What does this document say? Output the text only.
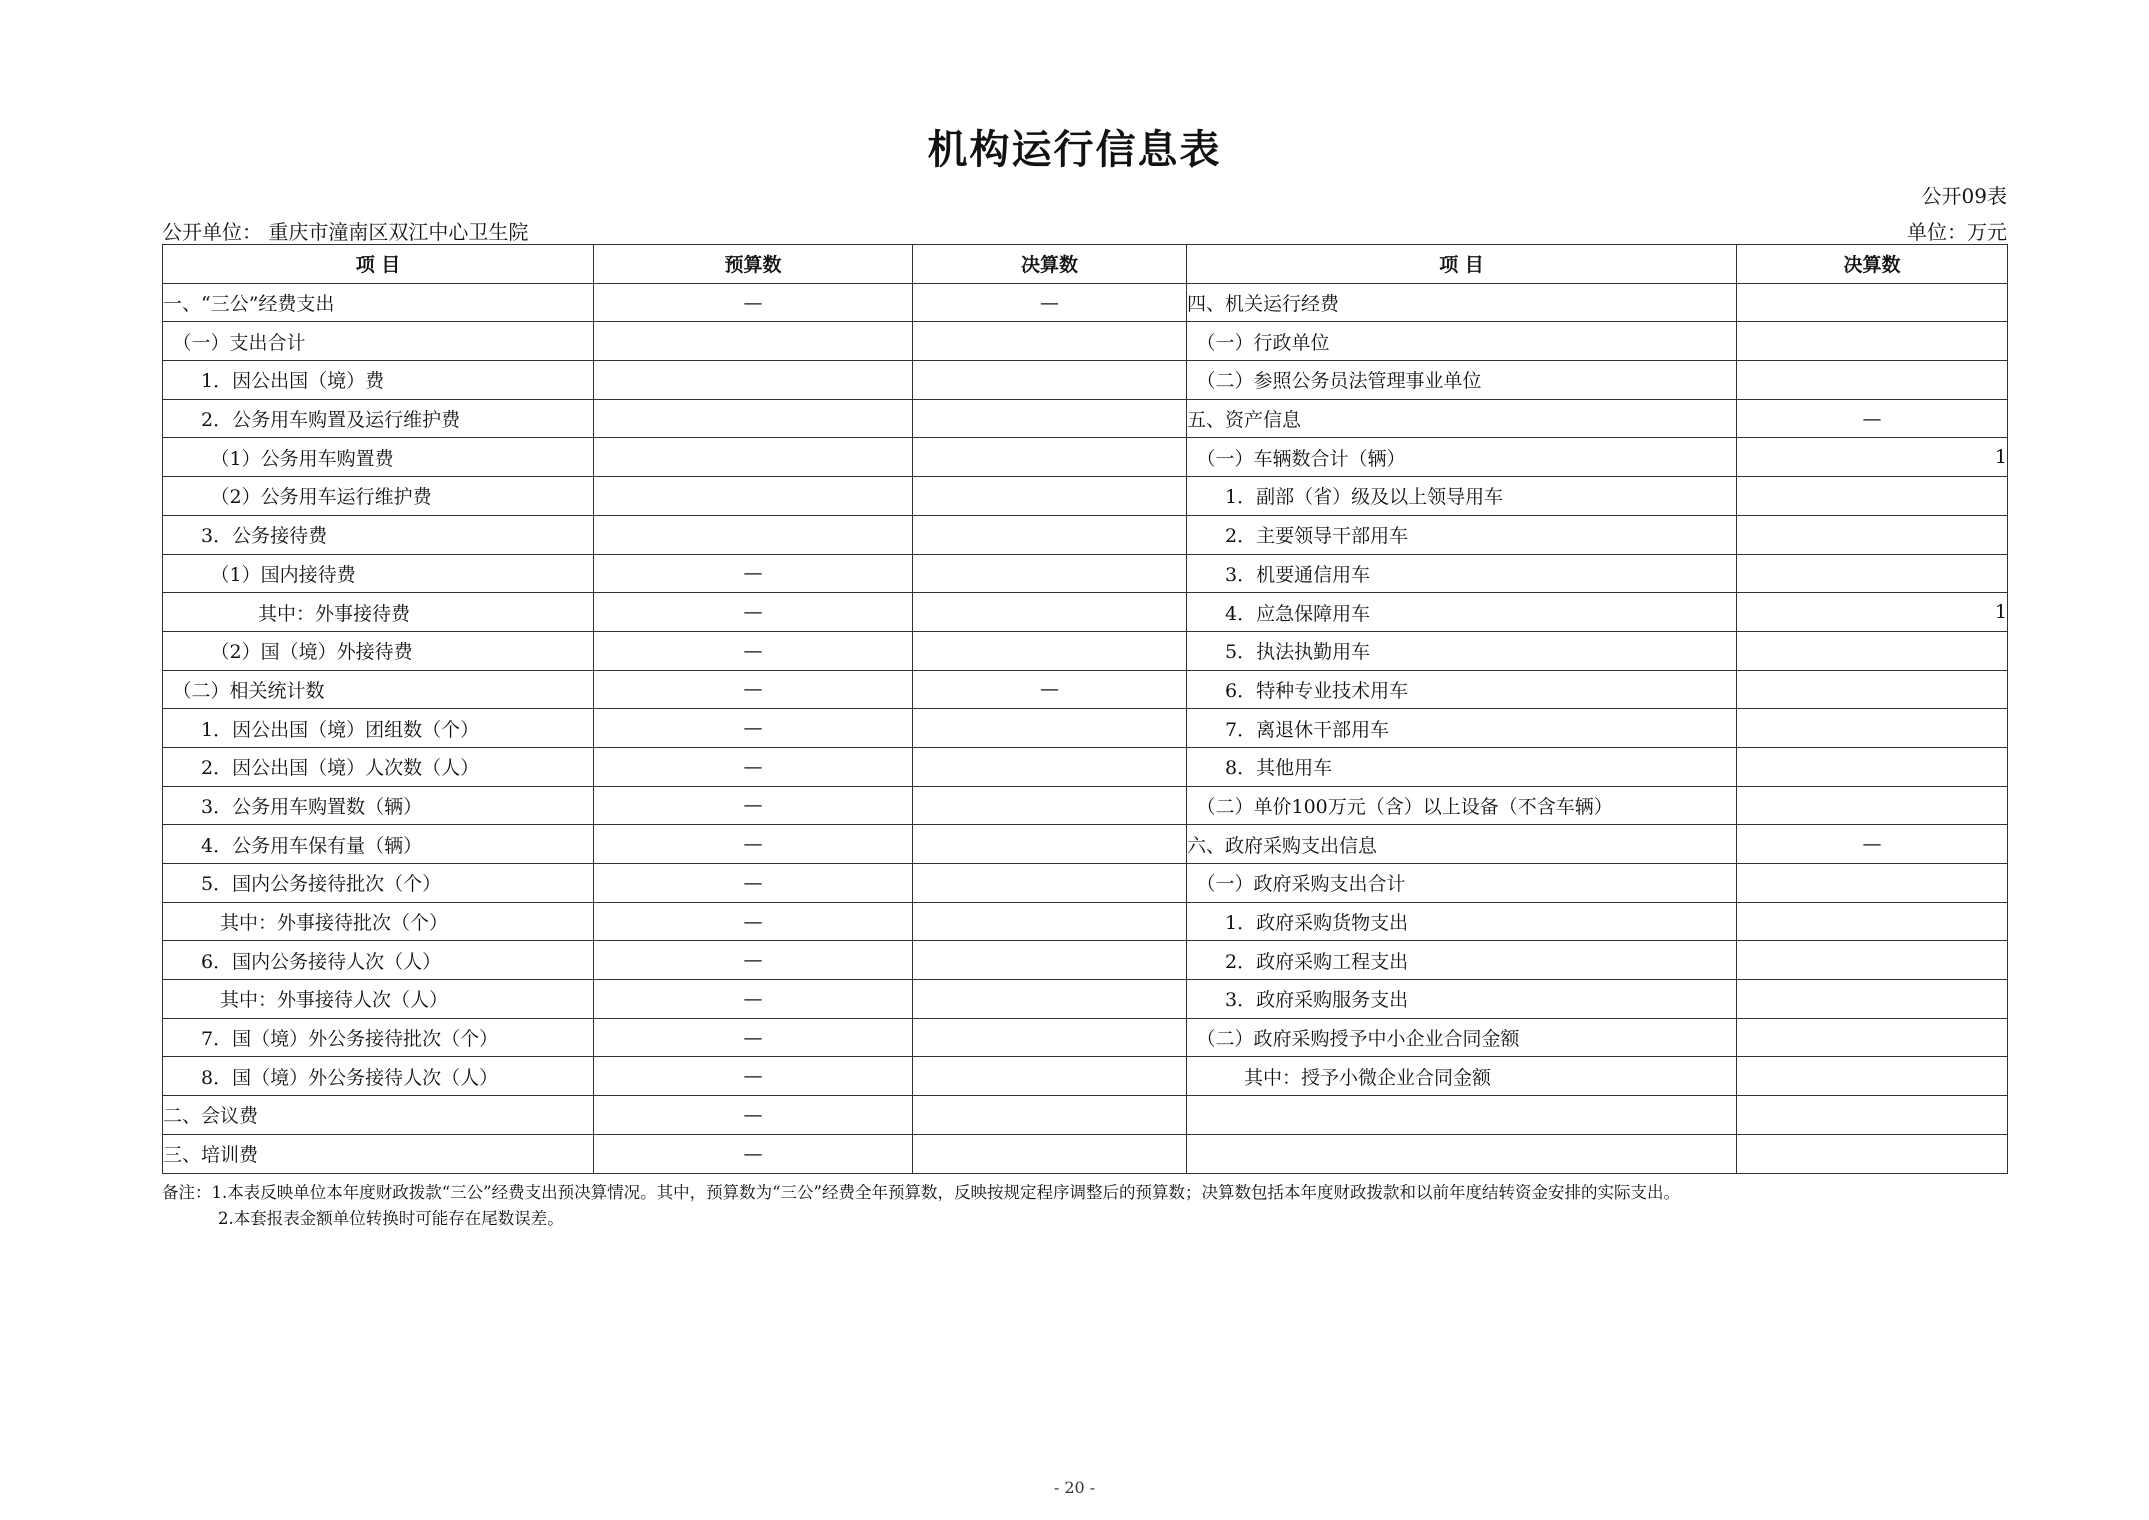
机构运行信息表
公开09表
公开单位： 重庆市潼南区双江中心卫生院	单位：万元
项 目	预算数	决算数	项 目	决算数
一、“三公”经费支出	—	—	四、机关运行经费	
　（一）支出合计			　（一）行政单位	
　　1．因公出国（境）费			　（二）参照公务员法管理事业单位	
　　2．公务用车购置及运行维护费			五、资产信息	—
　　　（1）公务用车购置费			　（一）车辆数合计（辆）	1
　　　（2）公务用车运行维护费			　　1．副部（省）级及以上领导用车	
　　3．公务接待费			　　2．主要领导干部用车	
　　　（1）国内接待费	—		　　3．机要通信用车	
　　　　　其中：外事接待费	—		　　4．应急保障用车	1
　　　（2）国（境）外接待费	—		　　5．执法执勤用车	
　（二）相关统计数	—	—	　　6．特种专业技术用车	
　　1．因公出国（境）团组数（个）	—		　　7．离退休干部用车	
　　2．因公出国（境）人次数（人）	—		　　8．其他用车	
　　3．公务用车购置数（辆）	—		　（二）单价100万元（含）以上设备（不含车辆）	
　　4．公务用车保有量（辆）	—		六、政府采购支出信息	—
　　5．国内公务接待批次（个）	—		　（一）政府采购支出合计	
　　　其中：外事接待批次（个）	—		　　1．政府采购货物支出	
　　6．国内公务接待人次（人）	—		　　2．政府采购工程支出	
　　　其中：外事接待人次（人）	—		　　3．政府采购服务支出	
　　7．国（境）外公务接待批次（个）	—		　（二）政府采购授予中小企业合同金额	
　　8．国（境）外公务接待人次（人）	—		　　　其中：授予小微企业合同金额	
二、会议费	—			
三、培训费	—			
备注：1.本表反映单位本年度财政拨款“三公”经费支出预决算情况。其中，预算数为“三公”经费全年预算数，反映按规定程序调整后的预算数；决算数包括本年度财政拨款和以前年度结转资金安排的实际支出。
2.本套报表金额单位转换时可能存在尾数误差。
- 20 -
